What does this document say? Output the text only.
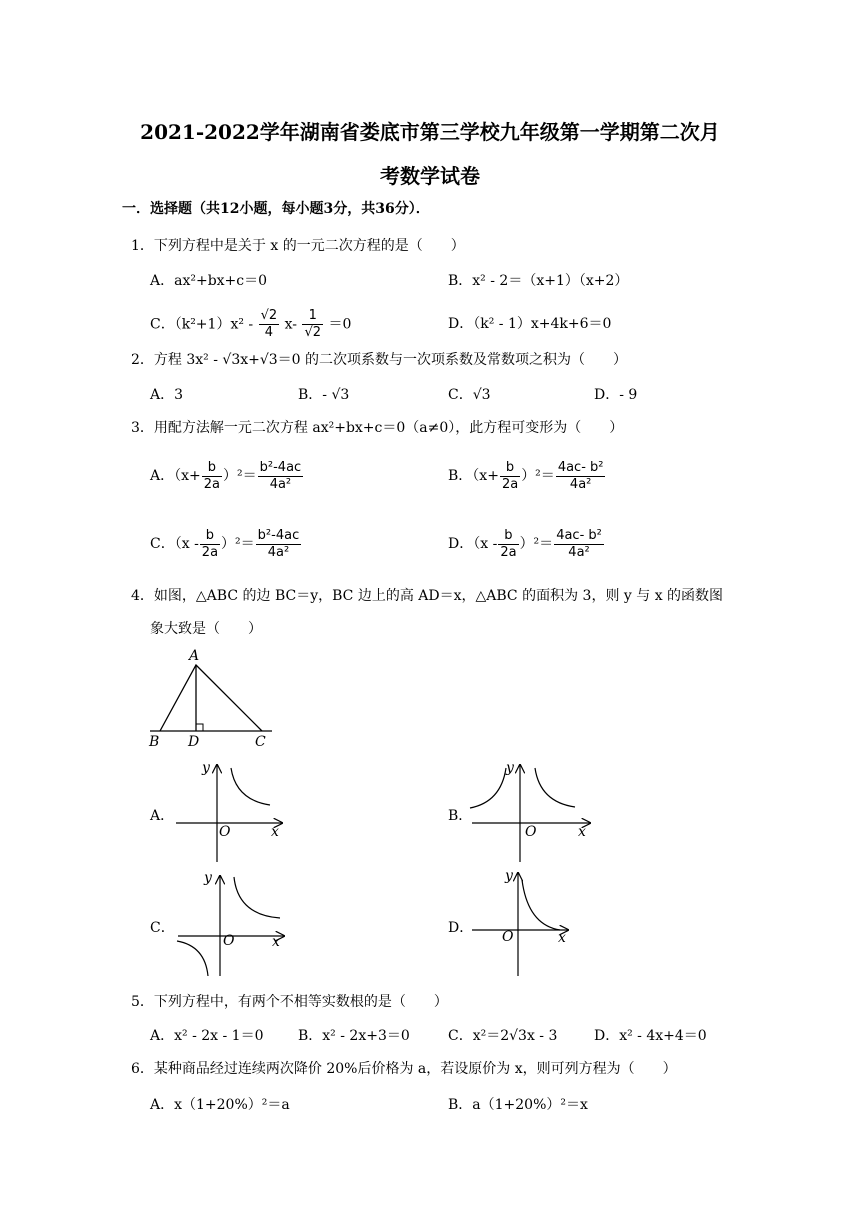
2021-2022学年湖南省娄底市第三学校九年级第一学期第二次月
考数学试卷
一．选择题（共12小题，每小题3分，共36分）．
1．下列方程中是关于 x 的一元二次方程的是（　　）
A．ax²+bx+c＝0	B．x² - 2＝（x+1）（x+2）
C．$(k^2+1)x^2 - \frac{√2}{4} x- \frac{1}{√2} =0$	D．（k² - 1）x+4k+6＝0
2．方程 3x² - √3x+√3＝0 的二次项系数与一次项系数及常数项之积为（　　）
A．3	B．- √3	C．√3	D．- 9
3．用配方法解一元二次方程 ax²+bx+c＝0（a≠0），此方程可变形为（　　）
A．$(x+ \frac{b}{2a} )^2= \frac{\text{b²-4ac}}{\text{4a²}}$	B．$(x+ \frac{b}{2a} )^2= \frac{\text{4ac- b²}}{\text{4a²}}$
C．$(x - \frac{b}{2a} )^2= \frac{\text{b²-4ac}}{\text{4a²}}$	D．$(x - \frac{b}{2a} )^2= \frac{\text{4ac- b²}}{\text{4a²}}$
4．如图，△ABC 的边 BC＝y，BC 边上的高 AD＝x，△ABC 的面积为 3，则 y 与 x 的函数图
象大致是（　　）
A
B D	C
A．	B．
C．	D．
y
x
O
y
x
O
y
x
O
y
x
O
5．下列方程中，有两个不相等实数根的是（　　）
A．x² - 2x - 1＝0 B．x² - 2x+3＝0	C．x²＝2√3x - 3	D．x² - 4x+4＝0
6．某种商品经过连续两次降价 20%后价格为 a，若设原价为 x，则可列方程为（　　）
A．x（1+20%）²＝a	B．a（1+20%）²＝x
